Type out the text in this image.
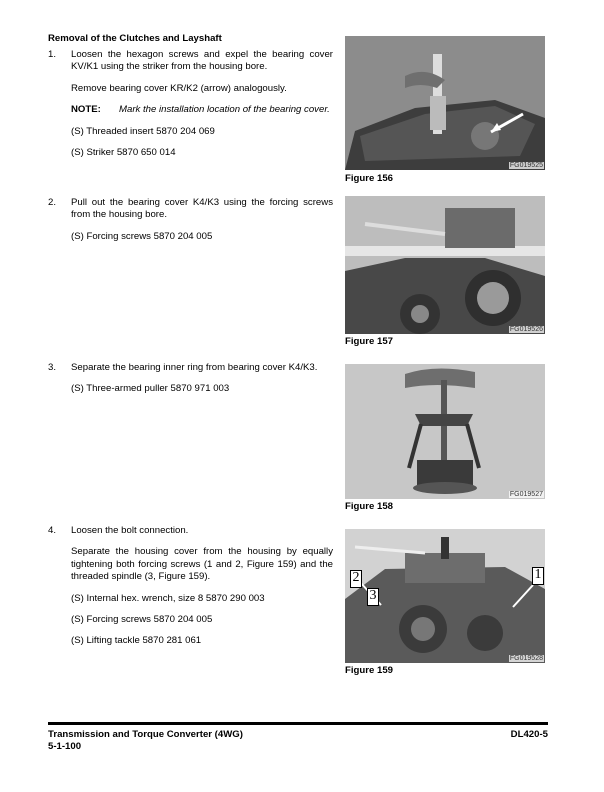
Removal of the Clutches and Layshaft
1. Loosen the hexagon screws and expel the bearing cover KV/K1 using the striker from the housing bore.

Remove bearing cover KR/K2 (arrow) analogously.

NOTE:	Mark the installation location of the bearing cover.

(S) Threaded insert 5870 204 069

(S) Striker 5870 650 014

2. Pull out the bearing cover K4/K3 using the forcing screws from the housing bore.

(S) Forcing screws 5870 204 005

3. Separate the bearing inner ring from bearing cover K4/K3.

(S) Three-armed puller 5870 971 003

4. Loosen the bolt connection.

Separate the housing cover from the housing by equally tightening both forcing screws (1 and 2, Figure 159) and the threaded spindle (3, Figure 159).

(S) Internal hex. wrench, size 8 5870 290 003

(S) Forcing screws 5870 204 005

(S) Lifting tackle 5870 281 061

FG019525
Figure 156
FG019526
Figure 157
FG019527
Figure 158
2
3
1
FG019528
Figure 159
Transmission and Torque Converter (4WG)
5-1-100
DL420-5
